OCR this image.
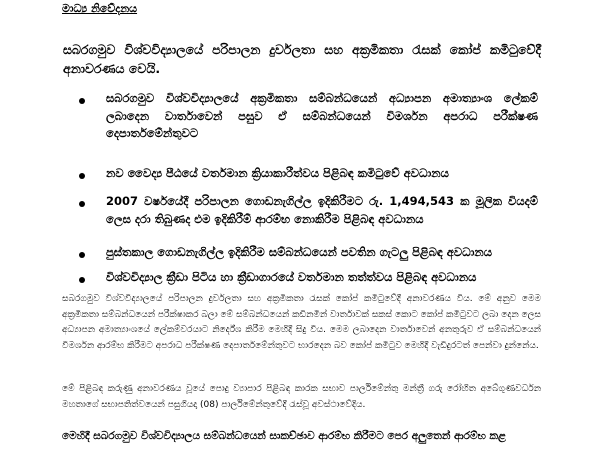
මාධ්‍ය නිවේදනය

සබරගමුව විශ්වවිද්‍යාලයේ පරිපාලන දුර්වලතා සහ අක්‍රමිකතා රැසක් කෝප් කමිටුවේදී අනාවරණය වෙයි.

සබරගමුව විශ්වවිද්‍යාලයේ අක්‍රමිකතා සම්බන්ධයෙන් අධ්‍යාපන අමාත්‍යාංශ ලේකම් ලබාදෙන වාර්තාවෙන් පසුව ඒ සම්බන්ධයෙන් විමර්ශන අපරාධ පරීක්ෂණ දෙපාර්තමේන්තුවට

නව වෛද්‍ය පීඨයේ වර්තමාන ක්‍රියාකාරීත්වය පිළිබඳ කමිටුවේ අවධානය

2007 වර්ෂයේදී පරිපාලන ගොඩනැගිල්ල ඉදිකිරීමට රු. 1,494,543 ක මූලික වියදම් ලෙස දරා තිබුණද එම ඉදිකිරීම් ආරම්භ නොකිරීම පිළිබඳ අවධානය

පුස්තකාල ගොඩනැගිල්ල ඉදිකිරීම සම්බන්ධයෙන් පවතින ගැටලු පිළිබඳ අවධානය

විශ්වවිද්‍යාල ක්‍රීඩා පිටිය හා ක්‍රීඩාගාරයේ වර්තමාන තත්ත්වය පිළිබඳ අවධානය

සබරගමුව විශ්වවිද්‍යාලයේ පරිපාලන දුර්වලතා සහ අක්‍රමිකතා රැසක් කෝප් කමිටුවේදී අනාවරණය විය. මේ අනුව මෙම අක්‍රමිකතා සම්බන්ධයෙන් පරීක්ෂාකර බලා මේ සම්බන්ධයෙන් කඩිනමින් වාර්තාවක් සකස් කොට කෝප් කමිටුවට ලබා දෙන ලෙස අධ්‍යාපන අමාත්‍යාංශයේ ලේකම්වරයාට නිර්දේශ කිරීම මෙහිදී සිදු විය. මෙම ලබාදෙන වාර්තාවෙන් අනතුරුව ඒ සම්බන්ධයෙන් විමර්ශන ආරම්භ කිරීමට අපරාධ පරීක්ෂණ දෙපාර්තමේන්තුවට භාරදෙන බව කෝප් කමිටුව මෙහිදී වැඩිදුරටත් පෙන්වා දුන්නේය.

මේ පිළිබඳ කරුණු අනාවරණය වූයේ පොදු ව්‍යාපාර පිළිබඳ කාරක සභාව පාර්ලිමේන්තු මන්ත්‍රී ගරු රෝහිත අබේගුණවර්ධන මහතාගේ සභාපතිත්වයෙන් පසුගියදා (08) පාර්ලිමේන්තුවේදී රැස්වූ අවස්ථාවේදිය.

මෙහිදී සබරගමුව විශ්වවිද්‍යාලය සම්බන්ධයෙන් සාකච්ඡාව ආරම්භ කිරීමට පෙර අලුතෙන් ආරම්භ කළ
